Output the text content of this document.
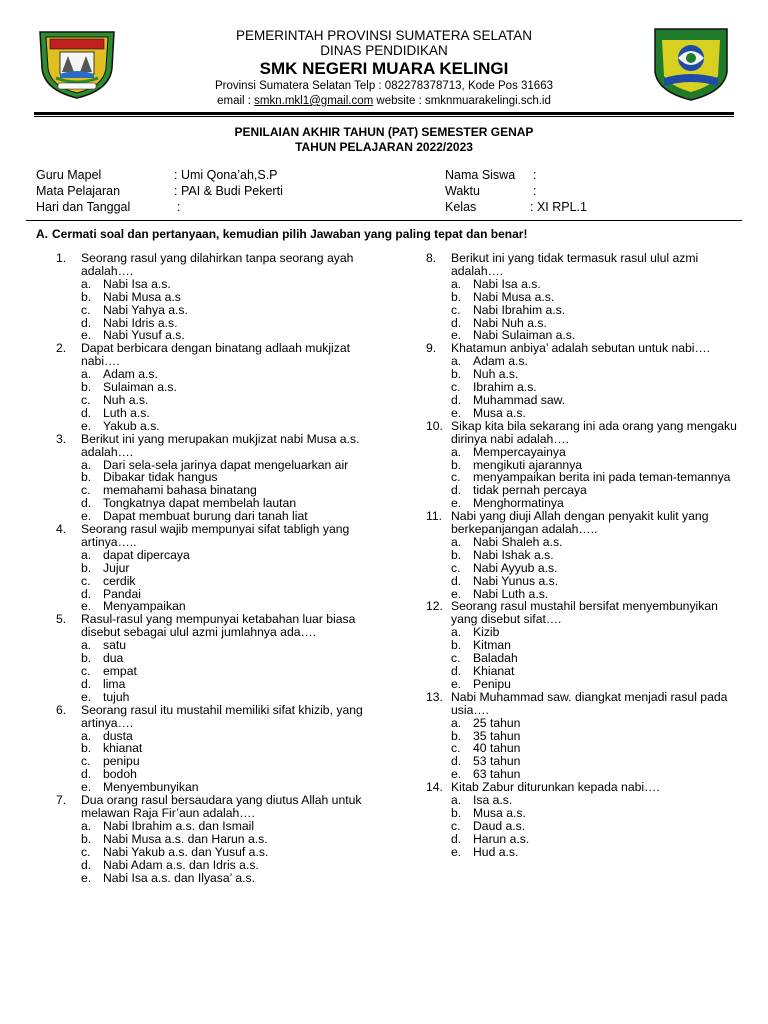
PEMERINTAH PROVINSI SUMATERA SELATAN
DINAS PENDIDIKAN
SMK NEGERI MUARA KELINGI
Provinsi Sumatera Selatan Telp : 082278378713, Kode Pos 31663
email : smkn.mkl1@gmail.com website : smknmuarakelingi.sch.id
PENILAIAN AKHIR TAHUN (PAT) SEMESTER GENAP
TAHUN PELAJARAN 2022/2023
Guru Mapel	: Umi Qona’ah,S.P
Mata Pelajaran	: PAI & Budi Pekerti
Hari dan Tanggal	:
Nama Siswa :
Waktu	:
Kelas	: XI RPL.1
A. Cermati soal dan pertanyaan, kemudian pilih Jawaban yang paling tepat dan benar!
1.	Seorang rasul yang dilahirkan tanpa seorang ayah adalah….
a. Nabi Isa a.s.
b. Nabi Musa a.s
c.	Nabi Yahya a.s.
d. Nabi Idris a.s.
e. Nabi Yusuf a.s.
2.	Dapat berbicara dengan binatang adlaah mukjizat nabi….
a. Adam a.s.
b. Sulaiman a.s.
c.	Nuh a.s.
d. Luth a.s.
e. Yakub a.s.
3.	Berikut ini yang merupakan mukjizat nabi Musa a.s. adalah….
a. Dari sela-sela jarinya dapat mengeluarkan air
b. Dibakar tidak hangus
c.	memahami bahasa binatang
d. Tongkatnya dapat membelah lautan
e. Dapat membuat burung dari tanah liat
4.	Seorang rasul wajib mempunyai sifat tabligh yang artinya…..
a. dapat dipercaya
b. Jujur
c.	cerdik
d. Pandai
e. Menyampaikan
5.	Rasul-rasul yang mempunyai ketabahan luar biasa disebut sebagai ulul azmi jumlahnya ada….
a. satu
b. dua
c.	empat
d. lima
e. tujuh
6.	Seorang rasul itu mustahil memiliki sifat khizib, yang artinya….
a. dusta
b. khianat
c.	penipu
d. bodoh
e. Menyembunyikan
7.	Dua orang rasul bersaudara yang diutus Allah untuk melawan Raja Fir’aun adalah….
a. Nabi Ibrahim a.s. dan Ismail
b. Nabi Musa a.s. dan Harun a.s.
c.	Nabi Yakub a.s. dan Yusuf a.s.
d. Nabi Adam a.s. dan Idris a.s.
e. Nabi Isa a.s. dan Ilyasa’ a.s.
8.	Berikut ini yang tidak termasuk rasul ulul azmi adalah….
a. Nabi Isa a.s.
b. Nabi Musa a.s.
c.	Nabi Ibrahim a.s.
d. Nabi Nuh a.s.
e. Nabi Sulaiman a.s.
9.	Khatamun anbiya’ adalah sebutan untuk nabi….
a. Adam a.s.
b. Nuh a.s.
c.	Ibrahim a.s.
d. Muhammad saw.
e. Musa a.s.
10. Sikap kita bila sekarang ini ada orang yang mengaku dirinya nabi adalah….
a. Mempercayainya
b. mengikuti ajarannya
c. menyampaikan berita ini pada teman-temannya
d. tidak pernah percaya
e. Menghormatinya
11. Nabi yang diuji Allah dengan penyakit kulit yang berkepanjangan adalah…..
a. Nabi Shaleh a.s.
b. Nabi Ishak a.s.
c.	Nabi Ayyub a.s.
d. Nabi Yunus a.s.
e. Nabi Luth a.s.
12. Seorang rasul mustahil bersifat menyembunyikan yang disebut sifat….
a. Kizib
b. Kitman
c.	Baladah
d. Khianat
e. Penipu
13. Nabi Muhammad saw. diangkat menjadi rasul pada usia….
a. 25 tahun
b. 35 tahun
c.	40 tahun
d. 53 tahun
e. 63 tahun
14. Kitab Zabur diturunkan kepada nabi….
a. Isa a.s.
b. Musa a.s.
c.	Daud a.s.
d. Harun a.s.
e. Hud a.s.
